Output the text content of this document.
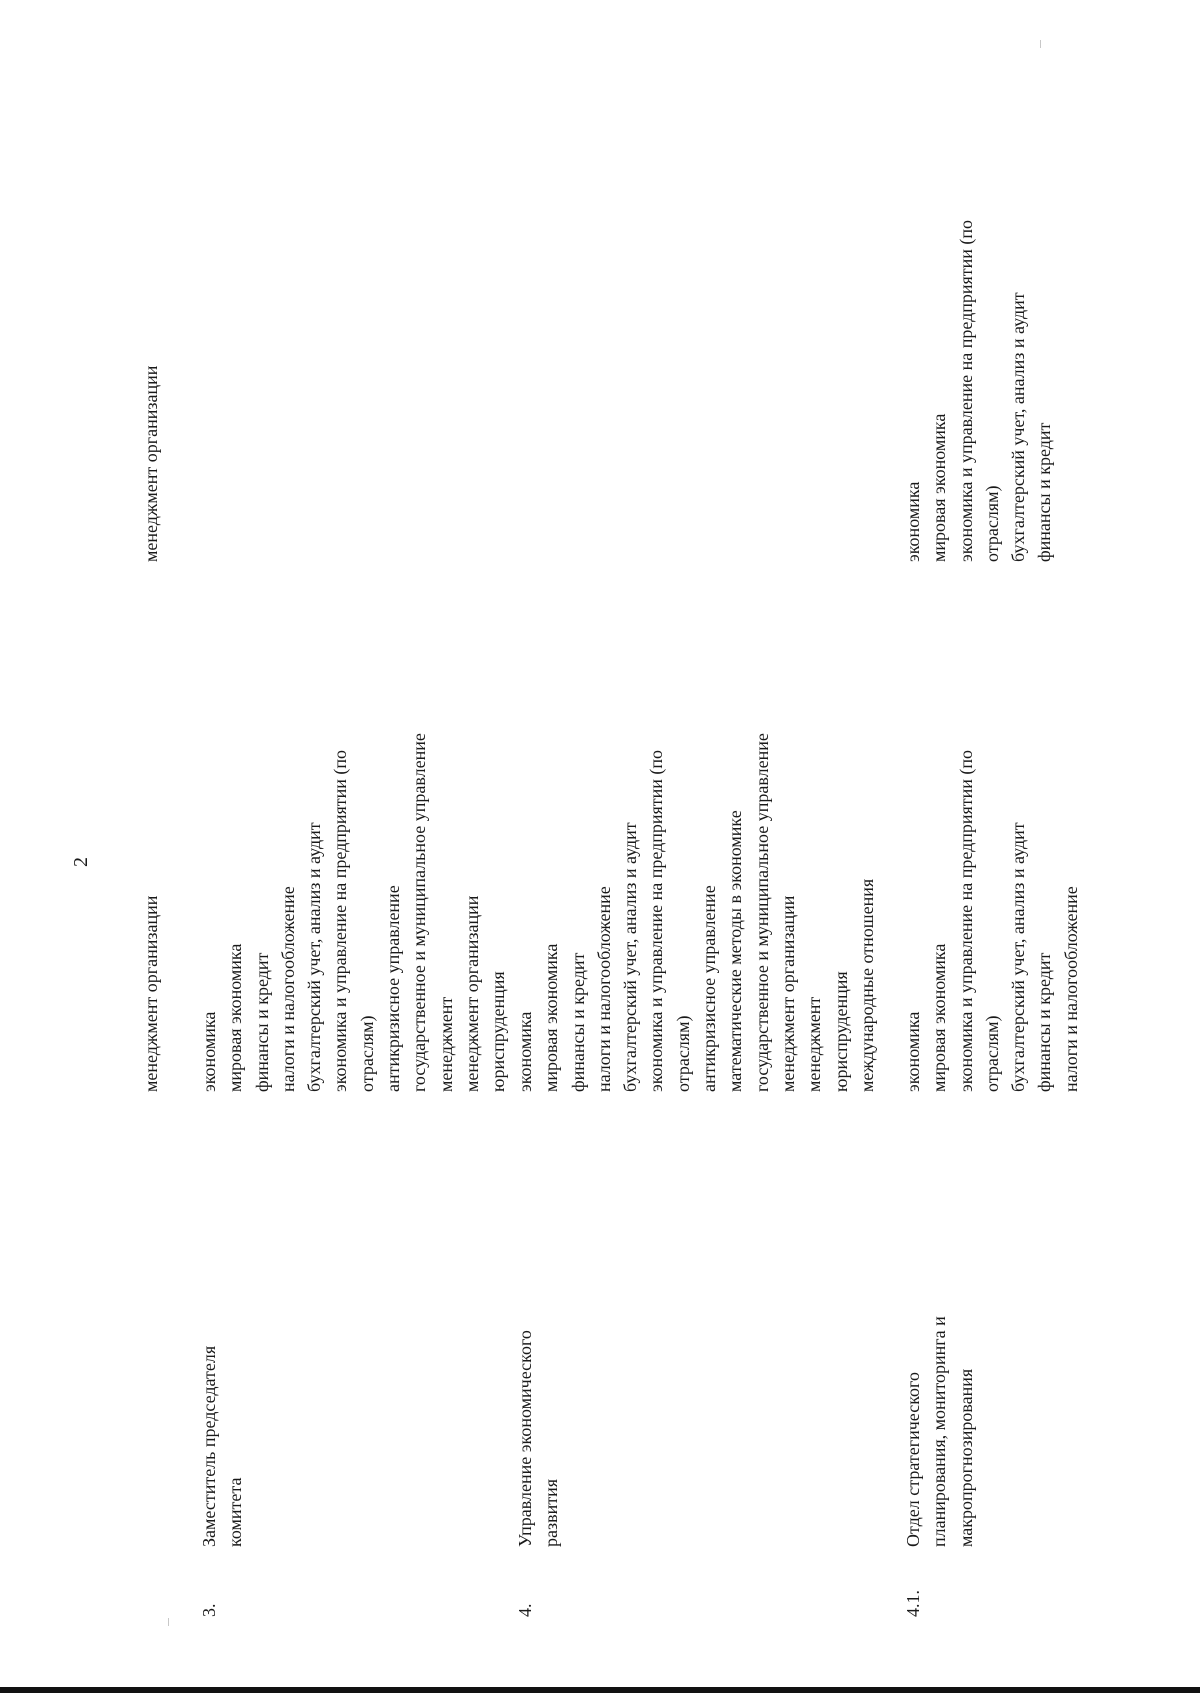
2
менеджмент организации
менеджмент организации
3.
Заместитель председателя комитета
экономика мировая экономика финансы и кредит налоги и налогообложение бухгалтерский учет, анализ и аудит экономика и управление на предприятии (по отраслям) антикризисное управление государственное и муниципальное управление менеджмент менеджмент организации юриспруденция
4.
Управление экономического развития
экономика мировая экономика финансы и кредит налоги и налогообложение бухгалтерский учет, анализ и аудит экономика и управление на предприятии (по отраслям) антикризисное управление математические методы в экономике государственное и муниципальное управление менеджмент организации менеджмент юриспруденция международные отношения
4.1.
Отдел стратегического планирования, мониторинга и макропрогнозирования
экономика мировая экономика экономика и управление на предприятии (по отраслям) бухгалтерский учет, анализ и аудит финансы и кредит налоги и налогообложение
экономика мировая экономика экономика и управление на предприятии (по отраслям) бухгалтерский учет, анализ и аудит финансы и кредит
